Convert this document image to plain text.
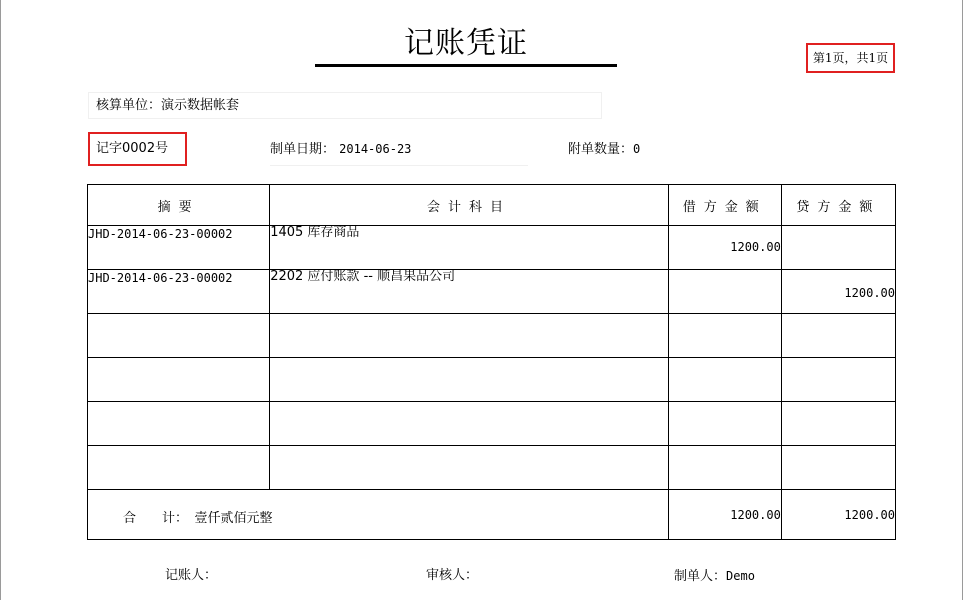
记账凭证	第1页，共1页
核算单位：演示数据帐套
记字0002号	制单日期： 2014-06-23	附单数量：0
摘要	会计科目	借方金额	贷方金额

JHD-2014-06-23-00002	1405 库存商品	1200.00	

JHD-2014-06-23-00002	2202 应付账款 -- 顺昌果品公司		1200.00

合　　计：　 壹仟贰佰元整		1200.00	1200.00
记账人：	审核人：	制单人：Demo
